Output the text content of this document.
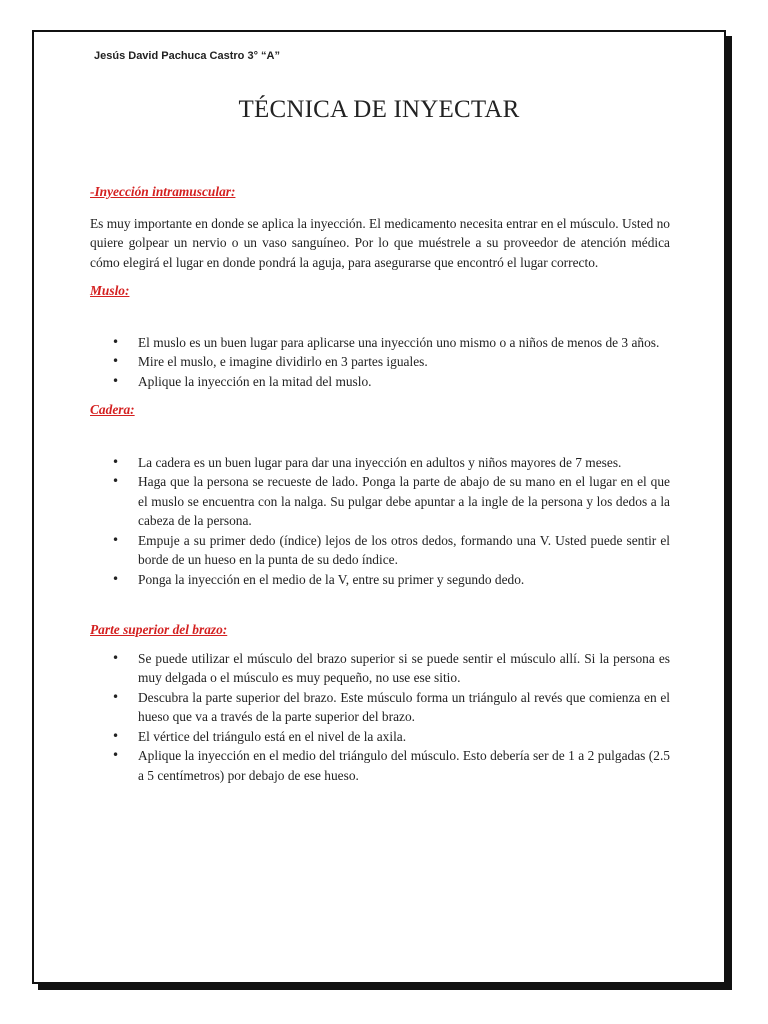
Jesús David Pachuca Castro 3° “A”
TÉCNICA DE INYECTAR

-Inyección intramuscular:

Es muy importante en donde se aplica la inyección. El medicamento necesita entrar en el músculo. Usted no quiere golpear un nervio o un vaso sanguíneo. Por lo que muéstrele a su proveedor de atención médica cómo elegirá el lugar en donde pondrá la aguja, para asegurarse que encontró el lugar correcto.

Muslo:

• El muslo es un buen lugar para aplicarse una inyección uno mismo o a niños de menos de 3 años.
• Mire el muslo, e imagine dividirlo en 3 partes iguales.
• Aplique la inyección en la mitad del muslo.

Cadera:

• La cadera es un buen lugar para dar una inyección en adultos y niños mayores de 7 meses.
• Haga que la persona se recueste de lado. Ponga la parte de abajo de su mano en el lugar en el que el muslo se encuentra con la nalga. Su pulgar debe apuntar a la ingle de la persona y los dedos a la cabeza de la persona.
• Empuje a su primer dedo (índice) lejos de los otros dedos, formando una V. Usted puede sentir el borde de un hueso en la punta de su dedo índice.
• Ponga la inyección en el medio de la V, entre su primer y segundo dedo.

Parte superior del brazo:

• Se puede utilizar el músculo del brazo superior si se puede sentir el músculo allí. Si la persona es muy delgada o el músculo es muy pequeño, no use ese sitio.
• Descubra la parte superior del brazo. Este músculo forma un triángulo al revés que comienza en el hueso que va a través de la parte superior del brazo.
• El vértice del triángulo está en el nivel de la axila.
• Aplique la inyección en el medio del triángulo del músculo. Esto debería ser de 1 a 2 pulgadas (2.5 a 5 centímetros) por debajo de ese hueso.
